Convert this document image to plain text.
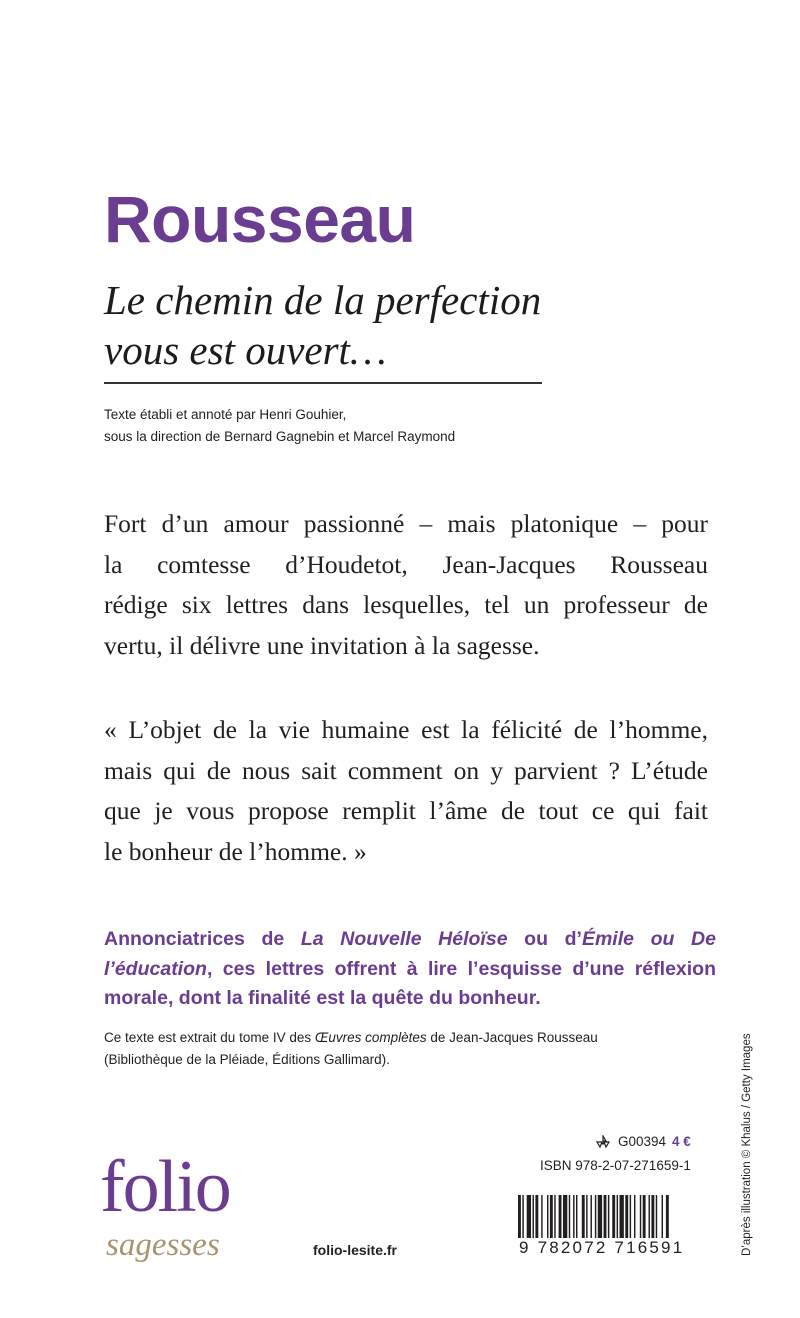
Rousseau
Le chemin de la perfection
vous est ouvert…
Texte établi et annoté par Henri Gouhier,
sous la direction de Bernard Gagnebin et Marcel Raymond
Fort d’un amour passionné – mais platonique – pour
la comtesse d’Houdetot, Jean-Jacques Rousseau
rédige six lettres dans lesquelles, tel un professeur de
vertu, il délivre une invitation à la sagesse.
« L’objet de la vie humaine est la félicité de l’homme,
mais qui de nous sait comment on y parvient ? L’étude
que je vous propose remplit l’âme de tout ce qui fait
le bonheur de l’homme. »
Annonciatrices de La Nouvelle Héloïse ou d’Émile ou De
l’éducation, ces lettres offrent à lire l’esquisse d’une réflexion
morale, dont la finalité est la quête du bonheur.
Ce texte est extrait du tome IV des Œuvres complètes de Jean-Jacques Rousseau
(Bibliothèque de la Pléiade, Éditions Gallimard).	D’après illustration © Khalus / Getty Images
folio
sagesses	folio-lesite.fr
G00394 4 €
ISBN 978-2-07-271659-1
9 782072 716591
